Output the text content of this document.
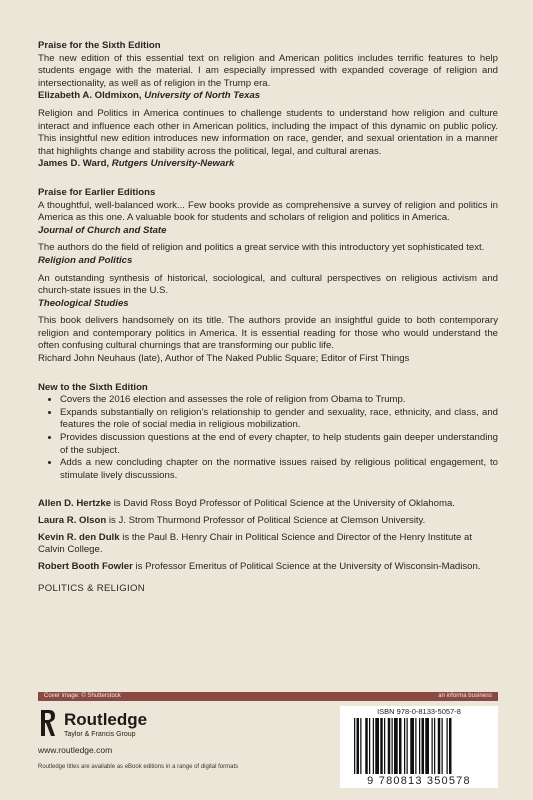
Praise for the Sixth Edition

The new edition of this essential text on religion and American politics includes terrific features to help students engage with the material. I am especially impressed with expanded coverage of religion and intersectionality, as well as of religion in the Trump era.

Elizabeth A. Oldmixon, University of North Texas

Religion and Politics in America continues to challenge students to understand how religion and culture interact and influence each other in American politics, including the impact of this dynamic on public policy. This insightful new edition introduces new information on race, gender, and sexual orientation in a manner that highlights change and stability across the political, legal, and cultural arenas.

James D. Ward, Rutgers University-Newark

Praise for Earlier Editions

A thoughtful, well-balanced work... Few books provide as comprehensive a survey of religion and politics in America as this one. A valuable book for students and scholars of religion and politics in America.

Journal of Church and State

The authors do the field of religion and politics a great service with this introductory yet sophisticated text.

Religion and Politics

An outstanding synthesis of historical, sociological, and cultural perspectives on religious activism and church-state issues in the U.S.

Theological Studies

This book delivers handsomely on its title. The authors provide an insightful guide to both contemporary religion and contemporary politics in America. It is essential reading for those who would understand the often confusing cultural churnings that are transforming our public life.

Richard John Neuhaus (late), Author of The Naked Public Square; Editor of First Things

New to the Sixth Edition

• Covers the 2016 election and assesses the role of religion from Obama to Trump.
• Expands substantially on religion's relationship to gender and sexuality, race, ethnicity, and class, and features the role of social media in religious mobilization.
• Provides discussion questions at the end of every chapter, to help students gain deeper understanding of the subject.
• Adds a new concluding chapter on the normative issues raised by religious political engagement, to stimulate lively discussions.

Allen D. Hertzke is David Ross Boyd Professor of Political Science at the University of Oklahoma.

Laura R. Olson is J. Strom Thurmond Professor of Political Science at Clemson University.

Kevin R. den Dulk is the Paul B. Henry Chair in Political Science and Director of the Henry Institute at Calvin College.

Robert Booth Fowler is Professor Emeritus of Political Science at the University of Wisconsin-Madison.

POLITICS & RELIGION
Cover image: © Shutterstock	an informa business
Routledge
Taylor & Francis Group
www.routledge.com
Routledge titles are available as eBook editions in a range of digital formats
ISBN 978-0-8133-5057-8
9 780813 350578
